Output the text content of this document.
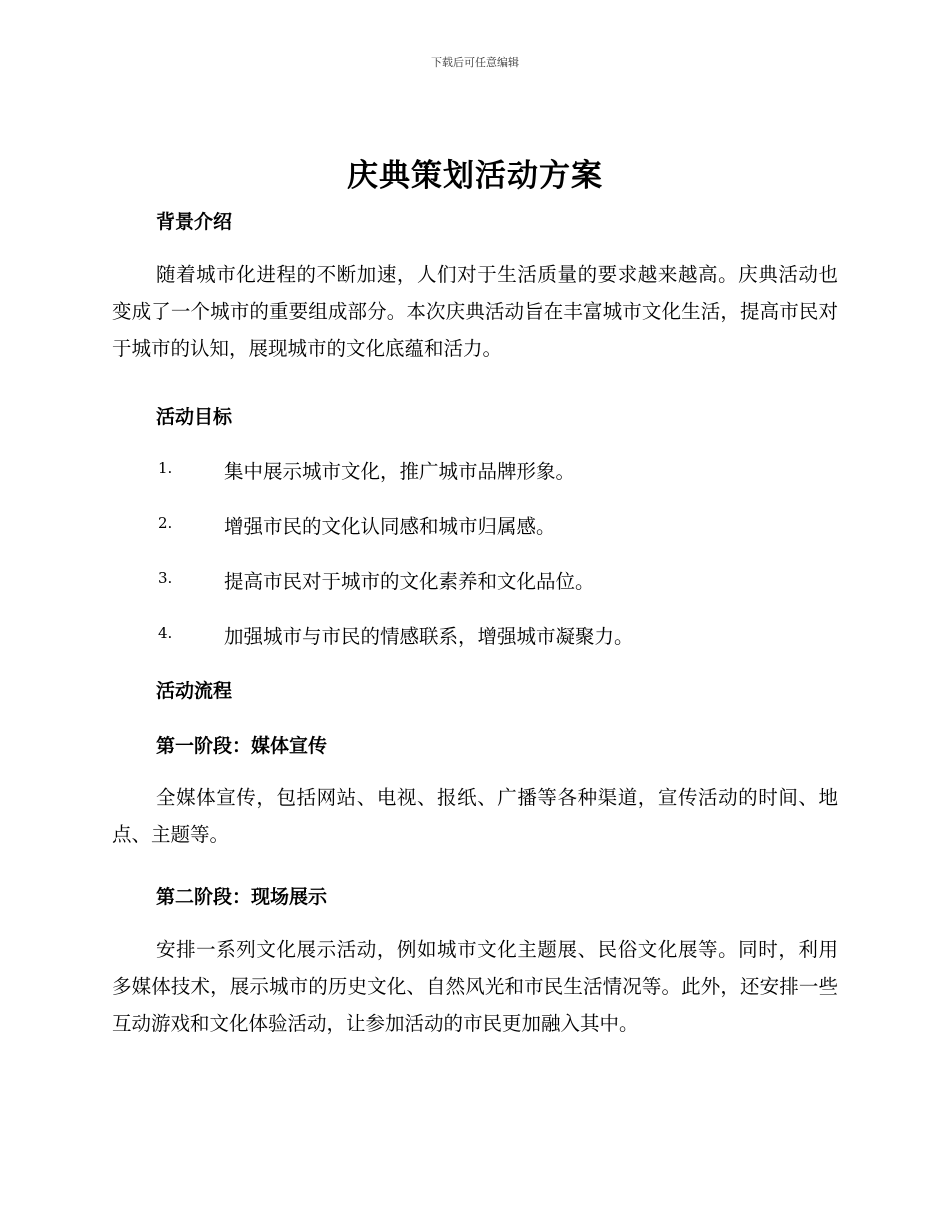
下载后可任意编辑
庆典策划活动方案
背景介绍
随着城市化进程的不断加速，人们对于生活质量的要求越来越高。庆典活动也变成了一个城市的重要组成部分。本次庆典活动旨在丰富城市文化生活，提高市民对于城市的认知，展现城市的文化底蕴和活力。
活动目标
1.	集中展示城市文化，推广城市品牌形象。
2.	增强市民的文化认同感和城市归属感。
3.	提高市民对于城市的文化素养和文化品位。
4.	加强城市与市民的情感联系，增强城市凝聚力。
活动流程
第一阶段：媒体宣传
全媒体宣传，包括网站、电视、报纸、广播等各种渠道，宣传活动的时间、地点、主题等。
第二阶段：现场展示
安排一系列文化展示活动，例如城市文化主题展、民俗文化展等。同时，利用多媒体技术，展示城市的历史文化、自然风光和市民生活情况等。此外，还安排一些互动游戏和文化体验活动，让参加活动的市民更加融入其中。
